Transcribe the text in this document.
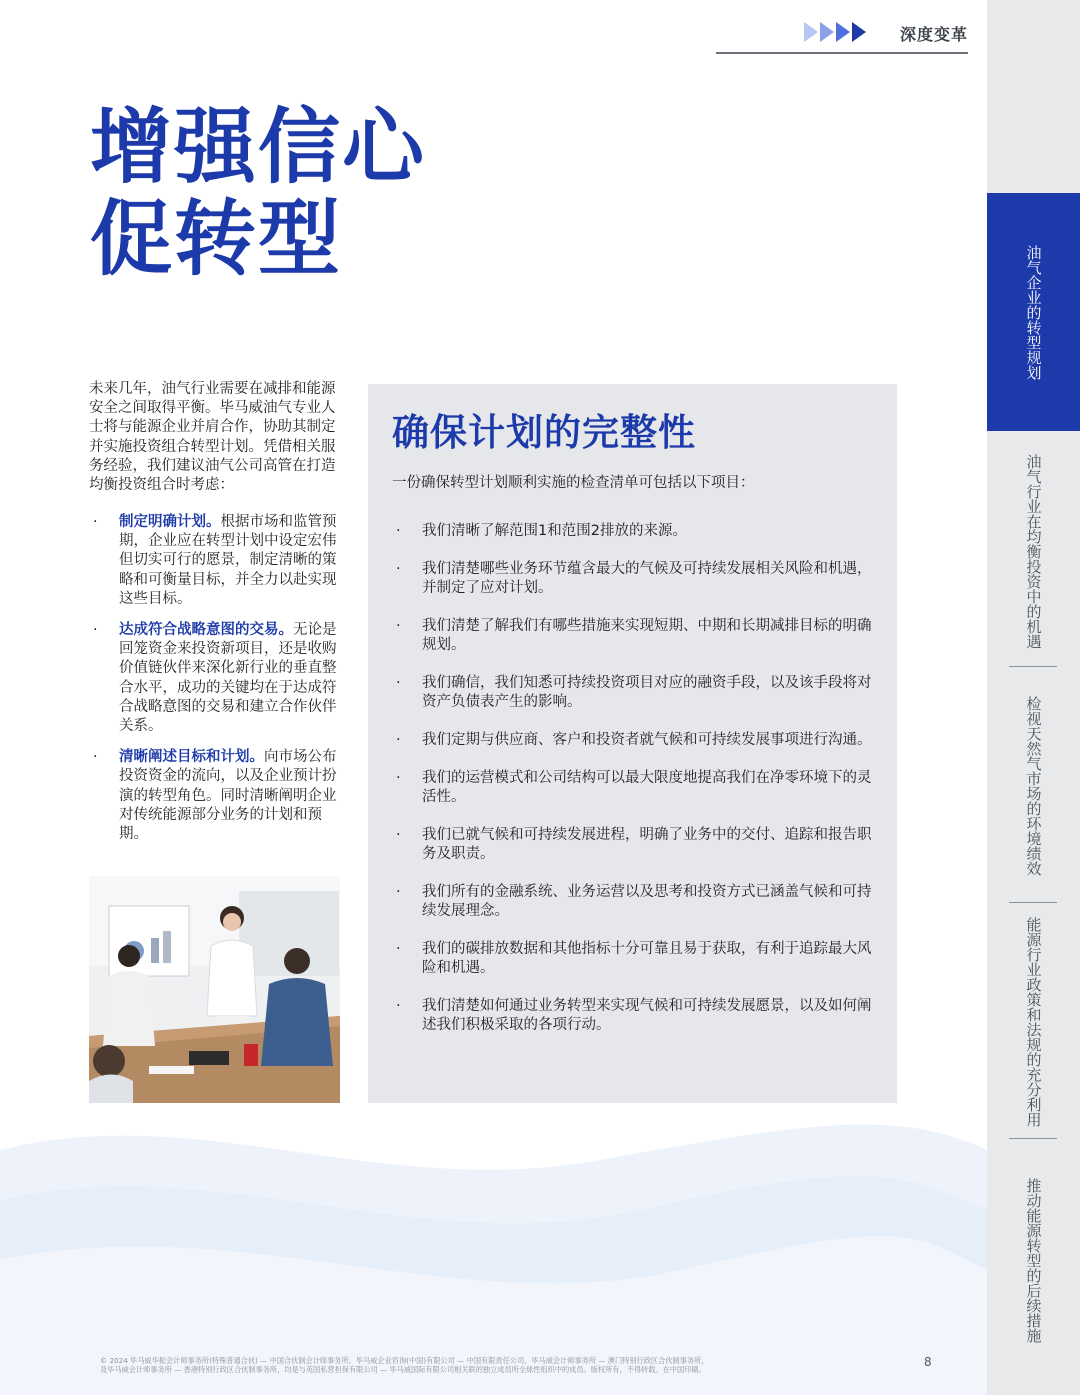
深度变革
增强信心
促转型

未来几年，油气行业需要在减排和能源安全之间取得平衡。毕马威油气专业人士将与能源企业并肩合作，协助其制定并实施投资组合转型计划。凭借相关服务经验，我们建议油气公司高管在打造均衡投资组合时考虑：

· 制定明确计划。根据市场和监管预期，企业应在转型计划中设定宏伟但切实可行的愿景，制定清晰的策略和可衡量目标，并全力以赴实现这些目标。
· 达成符合战略意图的交易。无论是回笼资金来投资新项目，还是收购价值链伙伴来深化新行业的垂直整合水平，成功的关键均在于达成符合战略意图的交易和建立合作伙伴关系。
· 清晰阐述目标和计划。向市场公布投资资金的流向，以及企业预计扮演的转型角色。同时清晰阐明企业对传统能源部分业务的计划和预期。
确保计划的完整性
一份确保转型计划顺利实施的检查清单可包括以下项目：
· 我们清晰了解范围1和范围2排放的来源。
· 我们清楚哪些业务环节蕴含最大的气候及可持续发展相关风险和机遇，并制定了应对计划。
· 我们清楚了解我们有哪些措施来实现短期、中期和长期减排目标的明确规划。
· 我们确信，我们知悉可持续投资项目对应的融资手段，以及该手段将对资产负债表产生的影响。
· 我们定期与供应商、客户和投资者就气候和可持续发展事项进行沟通。
· 我们的运营模式和公司结构可以最大限度地提高我们在净零环境下的灵活性。
· 我们已就气候和可持续发展进程，明确了业务中的交付、追踪和报告职务及职责。
· 我们所有的金融系统、业务运营以及思考和投资方式已涵盖气候和可持续发展理念。
· 我们的碳排放数据和其他指标十分可靠且易于获取，有利于追踪最大风险和机遇。
· 我们清楚如何通过业务转型来实现气候和可持续发展愿景，以及如何阐述我们积极采取的各项行动。
油气企业的转型规划
油气行业在均衡投资中的机遇
检视天然气市场的环境绩效
能源行业政策和法规的充分利用
推动能源转型的后续措施
© 2024 毕马威华振会计师事务所(特殊普通合伙) — 中国合伙制会计师事务所，毕马威企业咨询(中国)有限公司 — 中国有限责任公司，毕马威会计师事务所 — 澳门特别行政区合伙制事务所，
及毕马威会计师事务所 — 香港特别行政区合伙制事务所，均是与英国私营担保有限公司 — 毕马威国际有限公司相关联的独立成员所全球性组织中的成员。版权所有，不得转载。在中国印刷。
8
